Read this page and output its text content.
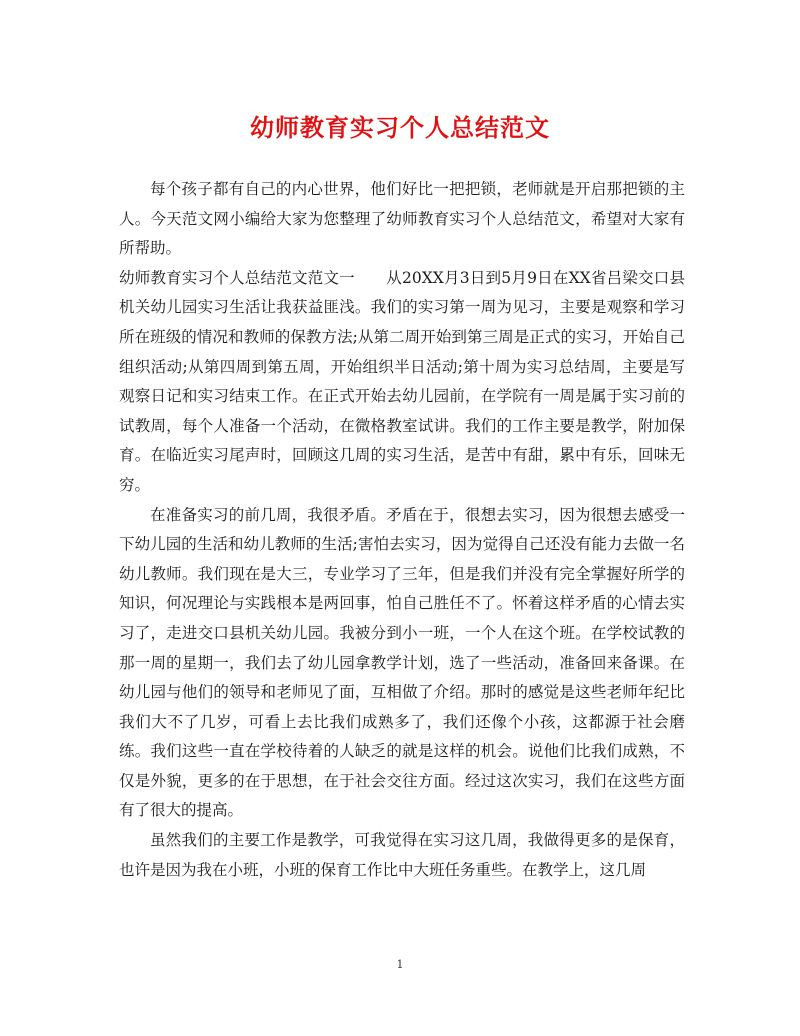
幼师教育实习个人总结范文

每个孩子都有自己的内心世界，他们好比一把把锁，老师就是开启那把锁的主人。今天范文网小编给大家为您整理了幼师教育实习个人总结范文，希望对大家有所帮助。

幼师教育实习个人总结范文范文一　　从20XX月3日到5月9日在XX省吕梁交口县机关幼儿园实习生活让我获益匪浅。我们的实习第一周为见习，主要是观察和学习所在班级的情况和教师的保教方法;从第二周开始到第三周是正式的实习，开始自己组织活动;从第四周到第五周，开始组织半日活动;第十周为实习总结周，主要是写观察日记和实习结束工作。在正式开始去幼儿园前，在学院有一周是属于实习前的试教周，每个人准备一个活动，在微格教室试讲。我们的工作主要是教学，附加保育。在临近实习尾声时，回顾这几周的实习生活，是苦中有甜，累中有乐，回味无穷。

在准备实习的前几周，我很矛盾。矛盾在于，很想去实习，因为很想去感受一下幼儿园的生活和幼儿教师的生活;害怕去实习，因为觉得自己还没有能力去做一名幼儿教师。我们现在是大三，专业学习了三年，但是我们并没有完全掌握好所学的知识，何况理论与实践根本是两回事，怕自己胜任不了。怀着这样矛盾的心情去实习了，走进交口县机关幼儿园。我被分到小一班，一个人在这个班。在学校试教的那一周的星期一，我们去了幼儿园拿教学计划，选了一些活动，准备回来备课。在幼儿园与他们的领导和老师见了面，互相做了介绍。那时的感觉是这些老师年纪比我们大不了几岁，可看上去比我们成熟多了，我们还像个小孩，这都源于社会磨练。我们这些一直在学校待着的人缺乏的就是这样的机会。说他们比我们成熟，不仅是外貌，更多的在于思想，在于社会交往方面。经过这次实习，我们在这些方面有了很大的提高。

虽然我们的主要工作是教学，可我觉得在实习这几周，我做得更多的是保育，也许是因为我在小班，小班的保育工作比中大班任务重些。在教学上，这几周

1
